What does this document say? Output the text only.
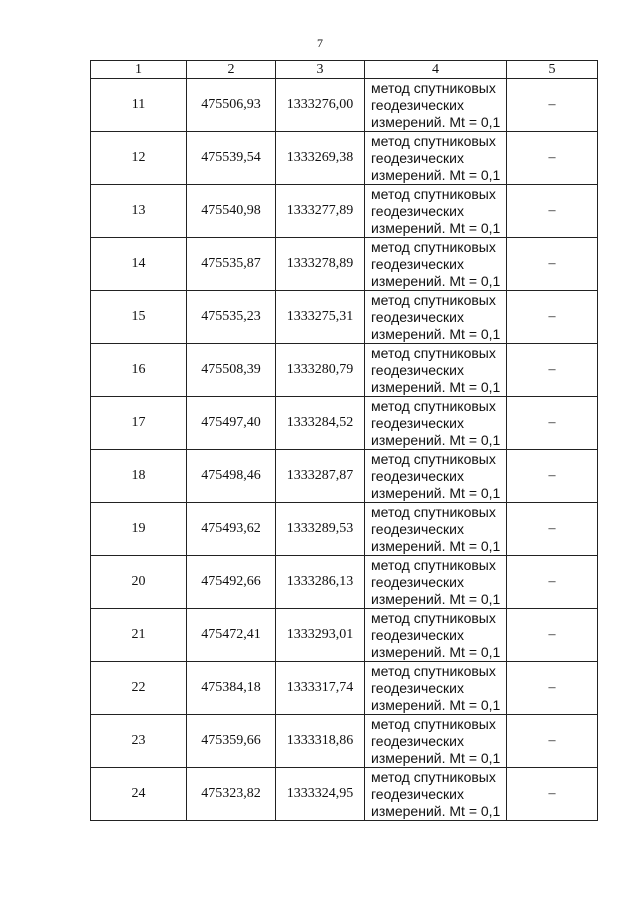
7
1	2	3	4	5
11	475506,93	1333276,00	метод спутниковых
геодезических
измерений. Mt = 0,1	–
12	475539,54	1333269,38	метод спутниковых
геодезических
измерений. Mt = 0,1	–
13	475540,98	1333277,89	метод спутниковых
геодезических
измерений. Mt = 0,1	–
14	475535,87	1333278,89	метод спутниковых
геодезических
измерений. Mt = 0,1	–
15	475535,23	1333275,31	метод спутниковых
геодезических
измерений. Mt = 0,1	–
16	475508,39	1333280,79	метод спутниковых
геодезических
измерений. Mt = 0,1	–
17	475497,40	1333284,52	метод спутниковых
геодезических
измерений. Mt = 0,1	–
18	475498,46	1333287,87	метод спутниковых
геодезических
измерений. Mt = 0,1	–
19	475493,62	1333289,53	метод спутниковых
геодезических
измерений. Mt = 0,1	–
20	475492,66	1333286,13	метод спутниковых
геодезических
измерений. Mt = 0,1	–
21	475472,41	1333293,01	метод спутниковых
геодезических
измерений. Mt = 0,1	–
22	475384,18	1333317,74	метод спутниковых
геодезических
измерений. Mt = 0,1	–
23	475359,66	1333318,86	метод спутниковых
геодезических
измерений. Mt = 0,1	–
24	475323,82	1333324,95	метод спутниковых
геодезических
измерений. Mt = 0,1	–
